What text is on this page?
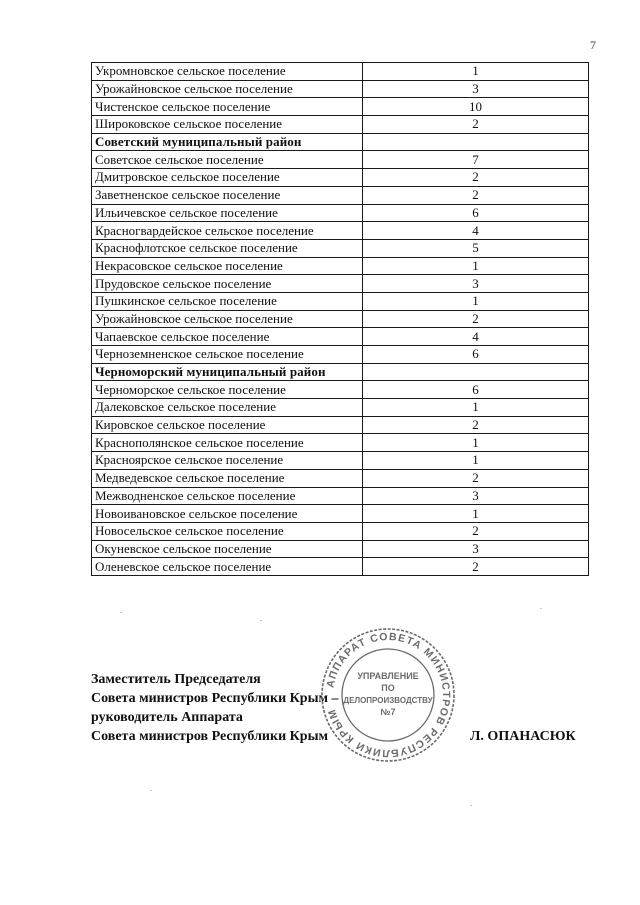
7
Укромновское сельское поселение	1
Урожайновское сельское поселение	3
Чистенское сельское поселение	10
Широковское сельское поселение	2
Советский муниципальный район	
Советское сельское поселение	7
Дмитровское сельское поселение	2
Заветненское сельское поселение	2
Ильичевское сельское поселение	6
Красногвардейское сельское поселение	4
Краснофлотское сельское поселение	5
Некрасовское сельское поселение	1
Прудовское сельское поселение	3
Пушкинское сельское поселение	1
Урожайновское сельское поселение	2
Чапаевское сельское поселение	4
Черноземненское сельское поселение	6
Черноморский муниципальный район	
Черноморское сельское поселение	6
Далековское сельское поселение	1
Кировское сельское поселение	2
Краснополянское сельское поселение	1
Красноярское сельское поселение	1
Медведевское сельское поселение	2
Межводненское сельское поселение	3
Новоивановское сельское поселение	1
Новосельское сельское поселение	2
Окуневское сельское поселение	3
Оленевское сельское поселение	2
Заместитель Председателя
Совета министров Республики Крым –
руководитель Аппарата
Совета министров Республики Крым	Л. ОПАНАСЮК
АППАРАТ СОВЕТА МИНИСТРОВ РЕСПУБЛИКИ КРЫМ
УПРАВЛЕНИЕ
ПО
ДЕЛОПРОИЗВОДСТВУ
№7
